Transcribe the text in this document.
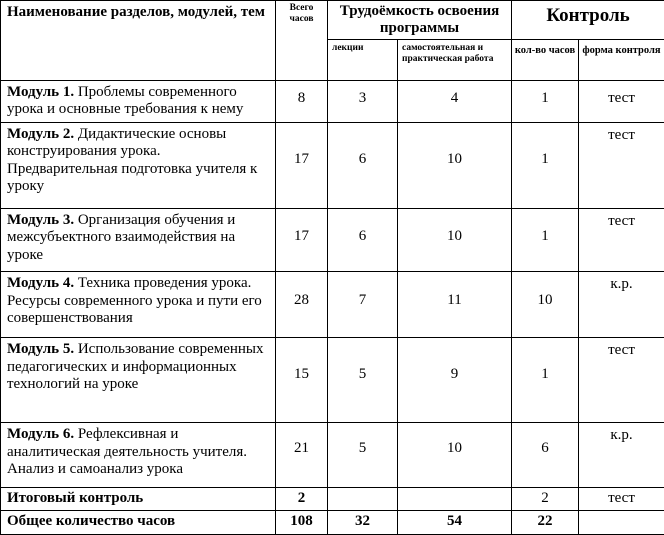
Наименование разделов, модулей, тем	Всего часов	Трудоёмкость освоения программы		Контроль	
		лекции	самостоятельная и практическая работа	кол-во часов	форма контроля
Модуль 1. Проблемы современного урока и основные требования к нему	8	3	4	1	тест
Модуль 2. Дидактические основы конструирования урока. Предварительная подготовка учителя к уроку	17	6	10	1	тест
Модуль 3. Организация обучения и межсубъектного взаимодействия на уроке	17	6	10	1	тест
Модуль 4. Техника проведения урока. Ресурсы современного урока и пути его совершенствования	28	7	11	10	к.р.
Модуль 5. Использование современных педагогических и информационных технологий на уроке	15	5	9	1	тест
Модуль 6. Рефлексивная и аналитическая деятельность учителя. Анализ и самоанализ урока	21	5	10	6	к.р.
Итоговый контроль	2			2	тест
Общее количество часов	108	32	54	22	
